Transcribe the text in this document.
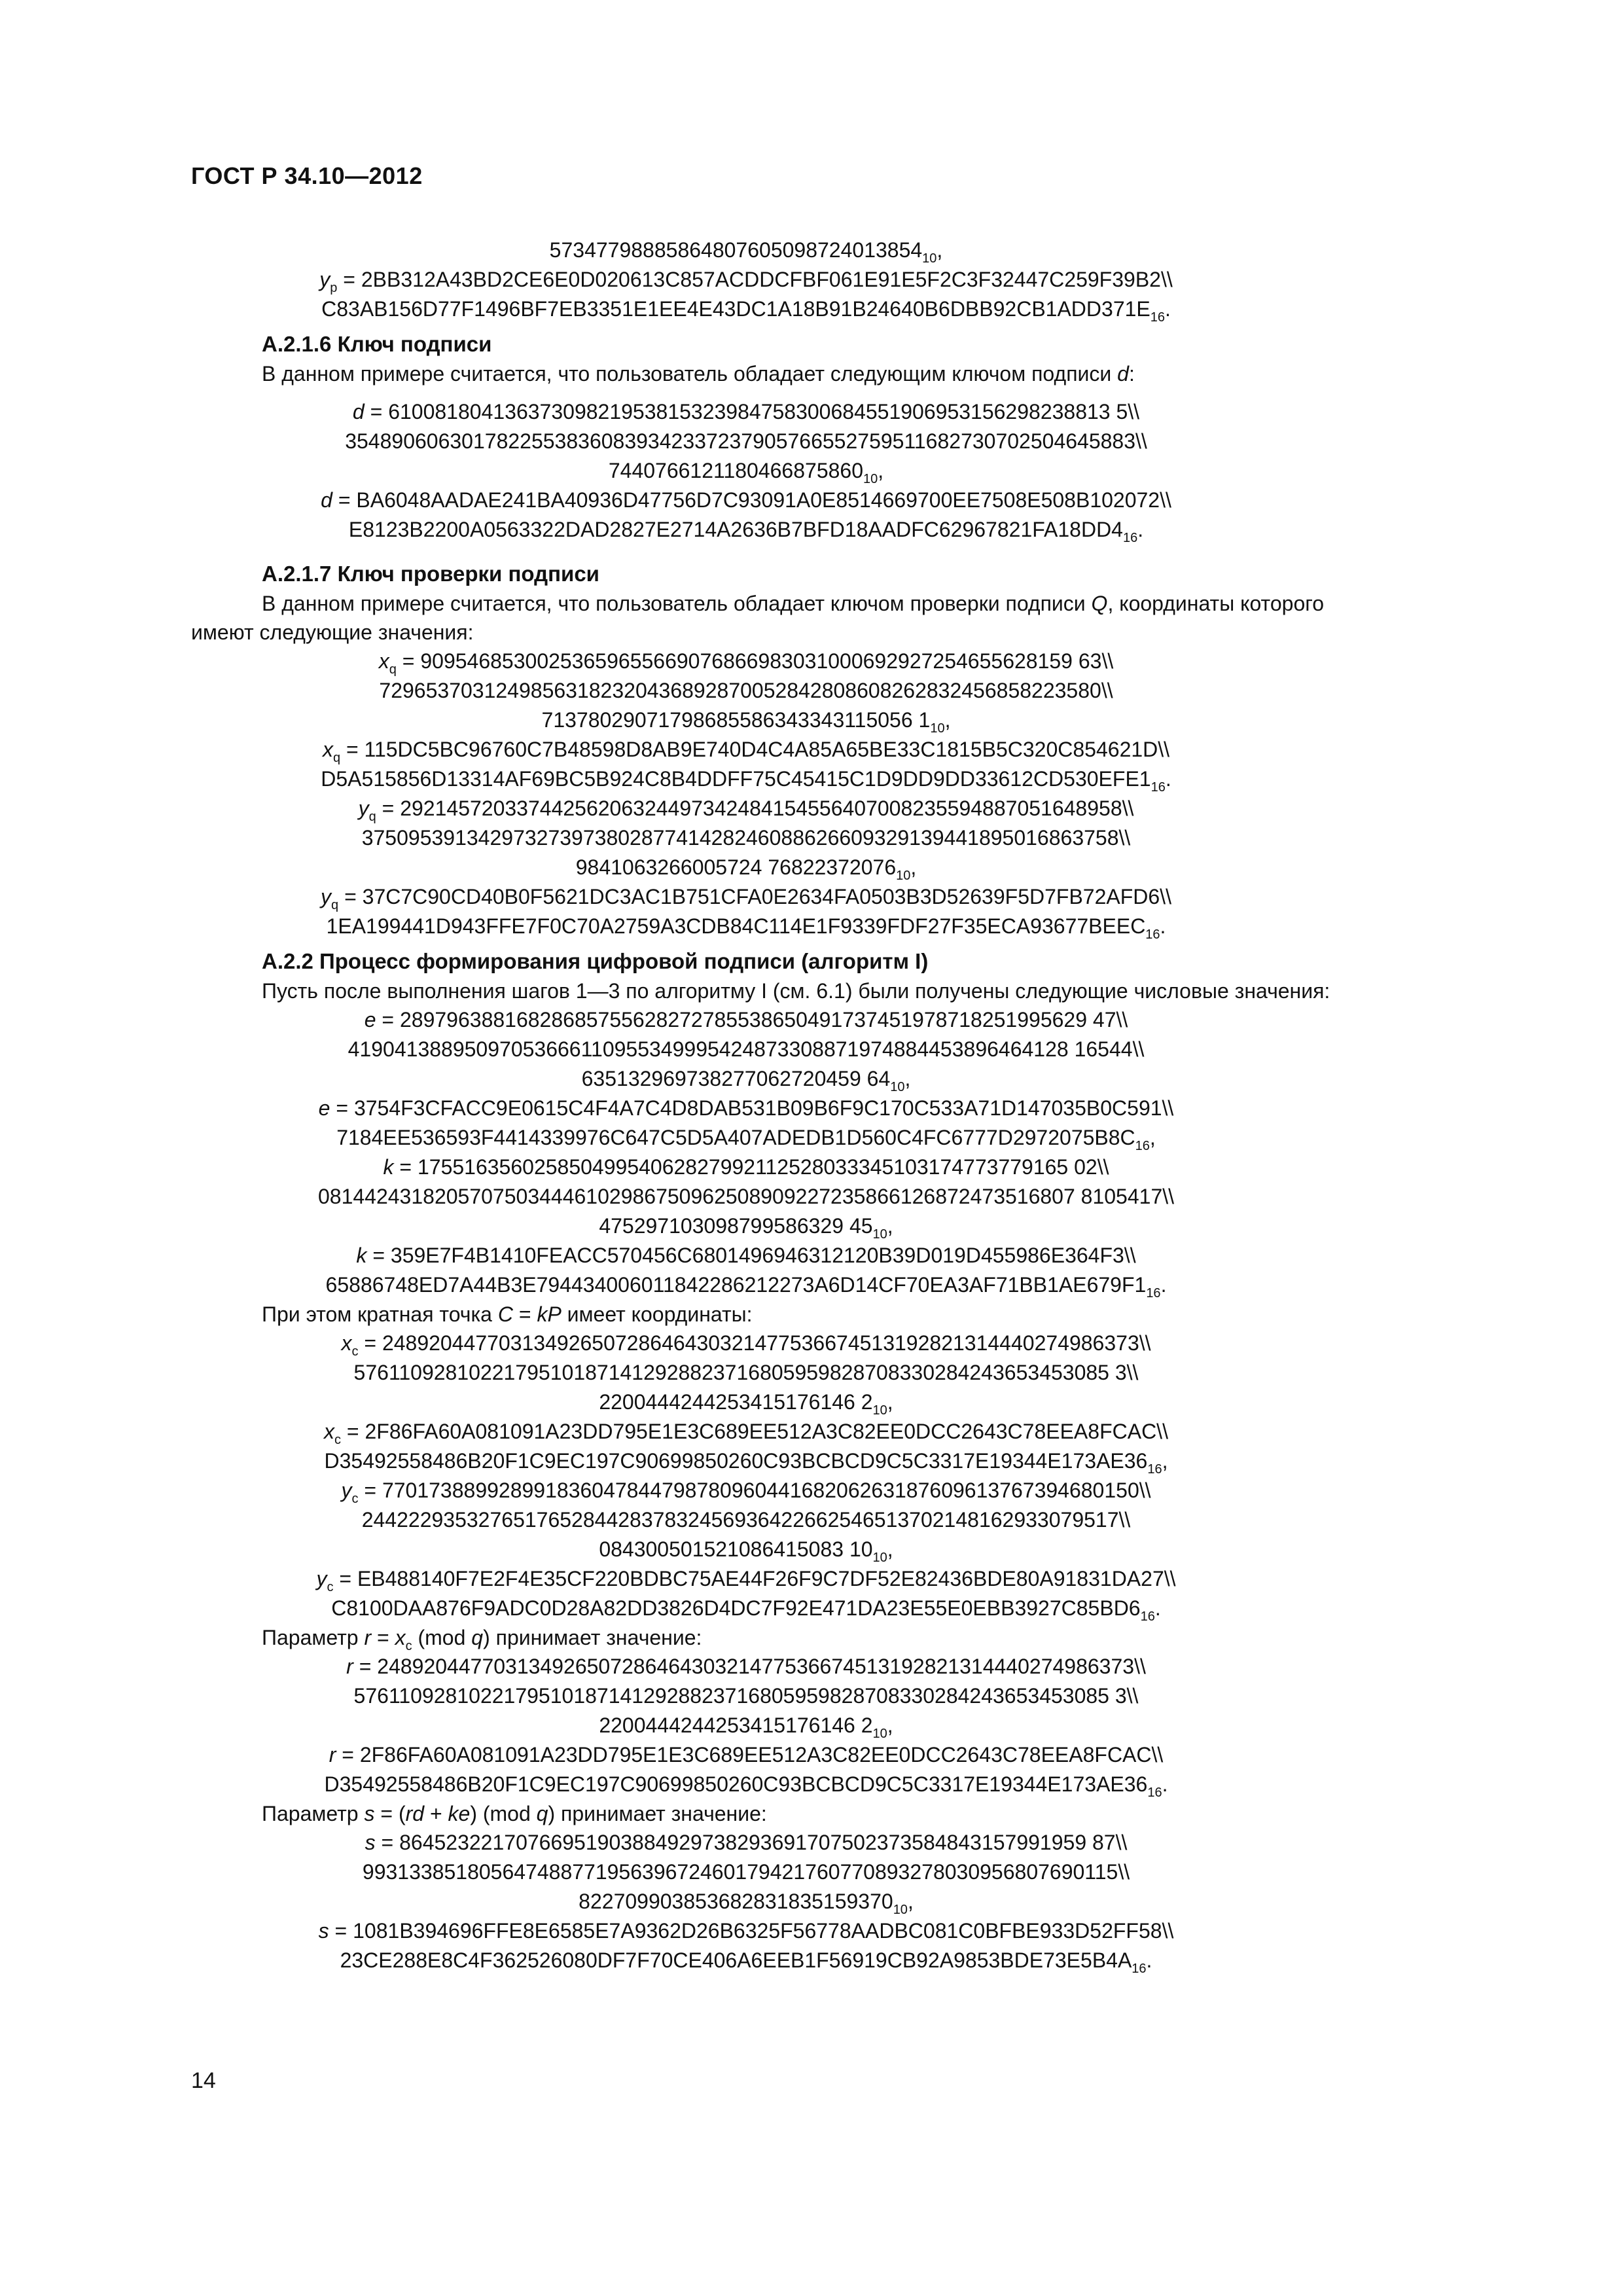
ГОСТ Р 34.10—2012
$57347798885864807605098724013854_{10}$,
$y_p$ = 2BB312A43BD2CE6E0D020613C857ACDDCFBF061E91E5F2C3F32447C259F39B2\\
$C83AB156D77F1496BF7EB3351E1EE4E43DC1A18B91B24640B6DBB92CB1ADD371E_{16}$.
А.2.1.6 Ключ подписи
В данном примере считается, что пользователь обладает следующим ключом подписи d:
d = 61008180413637309821953815323984758300684551906953156298238813 5\\
35489060630178225538360839342337237905766552759511682730702504645883\\
$7440766121180466875860_{10}$,
d = BA6048AADAE241BA40936D47756D7C93091A0E8514669700EE7508E508B102072\\
$E8123B2200A0563322DAD2827E2714A2636B7BFD18AADFC62967821FA18DD4_{16}$.
А.2.1.7 Ключ проверки подписи
В данном примере считается, что пользователь обладает ключом проверки подписи Q, координаты которого
имеют следующие значения:
$x_q = 90954685300253659655669076866983031000692927254655628159$ 63\\
72965370312498563182320436892870052842808608262832456858223580\\
71378029071798685586343343115056 $1_{10}$,
$x_q$ = 115DC5BC96760C7B48598D8AB9E740D4C4A85A65BE33C1815B5C320C854621D\\
$D5A515856D13314AF69BC5B924C8B4DDFF75C45415C1D9DD9DD33612CD530EFE1_{16}$.
$y_q$ = 29214572033744256206324497342484154556407008235594887051648958\\
37509539134297327397380287741428246088626609329139441895016863758\\
9841063266005724 $76822372076_{10}$,
$y_q$ = 37C7C90CD40B0F5621DC3AC1B751CFA0E2634FA0503B3D52639F5D7FB72AFD6\\
$1EA199441D943FFE7F0C70A2759A3CDB84C114E1F9339FDF27F35ECA93677BEEC_{16}$.
А.2.2 Процесс формирования цифровой подписи (алгоритм I)
Пусть после выполнения шагов 1—3 по алгоритму I (см. 6.1) были получены следующие числовые значения:
e = 28979638816828685755628272785538650491737451978718251995629 47\\
41904138895097053666110955349995424873308871974884453896464128 16544\\
635132969738277062720459 $64_{10}$,
e = 3754F3CFACC9E0615C4F4A7C4D8DAB531B09B6F9C170C533A71D147035B0C591\\
$7184EE536593F4414339976C647C5D5A407ADEDB1D560C4FC6777D2972075B8C_{16}$,
k = 17551635602585049954062827992112528033345103174773779165 02\\
08144243182057075034446102986750962508909227235866126872473516807 8105417\\
475297103098799586329 $45_{10}$,
k = 359E7F4B1410FEACC570456C6801496946312120B39D019D455986E364F3\\
$65886748ED7A44B3E794434006011842286212273A6D14CF70EA3AF71BB1AE679F1_{16}$.
При этом кратная точка C = kP имеет координаты:
$x_c$ = 24892044770313492650728646430321477536674513192821314440274986373\\
57611092810221795101871412928823716805959828708330284243653453085 3\\
2200444244253415176146 $2_{10}$,
$x_c$ = 2F86FA60A081091A23DD795E1E3C689EE512A3C82EE0DCC2643C78EEA8FCAC\\
$D35492558486B20F1C9EC197C90699850260C93BCBCD9C5C3317E19344E173AE36_{16}$,
$y_c$ = 77017388992899183604784479878096044168206263187609613767394680150\\
24422293532765176528442837832456936422662546513702148162933079517\\
084300501521086415083 $10_{10}$,
$y_c$ = EB488140F7E2F4E35CF220BDBC75AE44F26F9C7DF52E82436BDE80A91831DA27\\
$C8100DAA876F9ADC0D28A82DD3826D4DC7F92E471DA23E55E0EBB3927C85BD6_{16}$.
Параметр $r = x_c$ (mod q) принимает значение:
r = 24892044770313492650728646430321477536674513192821314440274986373\\
57611092810221795101871412928823716805959828708330284243653453085 3\\
2200444244253415176146 $2_{10}$,
r = 2F86FA60A081091A23DD795E1E3C689EE512A3C82EE0DCC2643C78EEA8FCAC\\
$D35492558486B20F1C9EC197C90699850260C93BCBCD9C5C3317E19344E173AE36_{16}$.
Параметр s = (rd + ke) (mod q) принимает значение:
s = 86452322170766951903884929738293691707502373584843157991959 87\\
99313385180564748877195639672460179421760770893278030956807690115\\
$822709903853682831835159370_{10}$,
s = 1081B394696FFE8E6585E7A9362D26B6325F56778AADBC081C0BFBE933D52FF58\\
$23CE288E8C4F362526080DF7F70CE406A6EEB1F56919CB92A9853BDE73E5B4A_{16}$.
14
